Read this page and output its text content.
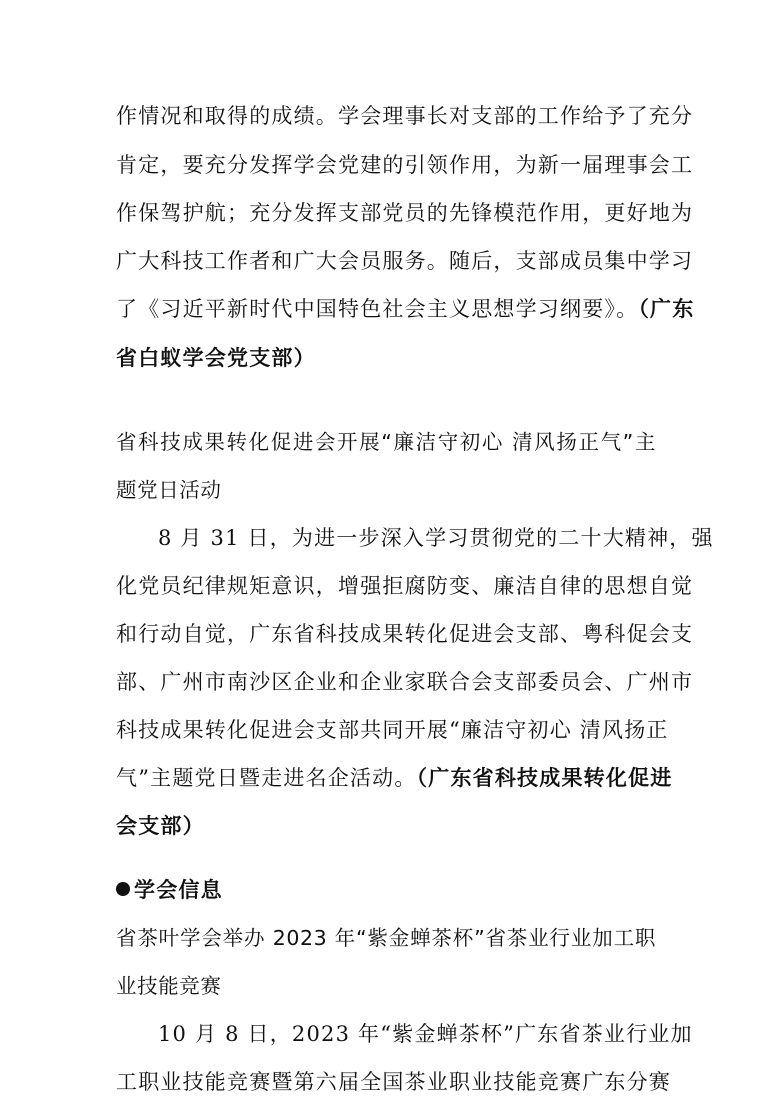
作情况和取得的成绩。学会理事长对支部的工作给予了充分
肯定，要充分发挥学会党建的引领作用，为新一届理事会工
作保驾护航；充分发挥支部党员的先锋模范作用，更好地为
广大科技工作者和广大会员服务。随后，支部成员集中学习
了《习近平新时代中国特色社会主义思想学习纲要》。（广东
省白蚁学会党支部）
省科技成果转化促进会开展“廉洁守初心 清风扬正气”主
题党日活动
8 月 31 日，为进一步深入学习贯彻党的二十大精神，强
化党员纪律规矩意识，增强拒腐防变、廉洁自律的思想自觉
和行动自觉，广东省科技成果转化促进会支部、粤科促会支
部、广州市南沙区企业和企业家联合会支部委员会、广州市
科技成果转化促进会支部共同开展“廉洁守初心 清风扬正
气”主题党日暨走进名企活动。（广东省科技成果转化促进
会支部）
学会信息
省茶叶学会举办 2023 年“紫金蝉茶杯”省茶业行业加工职
业技能竞赛
10 月 8 日，2023 年“紫金蝉茶杯”广东省茶业行业加
工职业技能竞赛暨第六届全国茶业职业技能竞赛广东分赛
